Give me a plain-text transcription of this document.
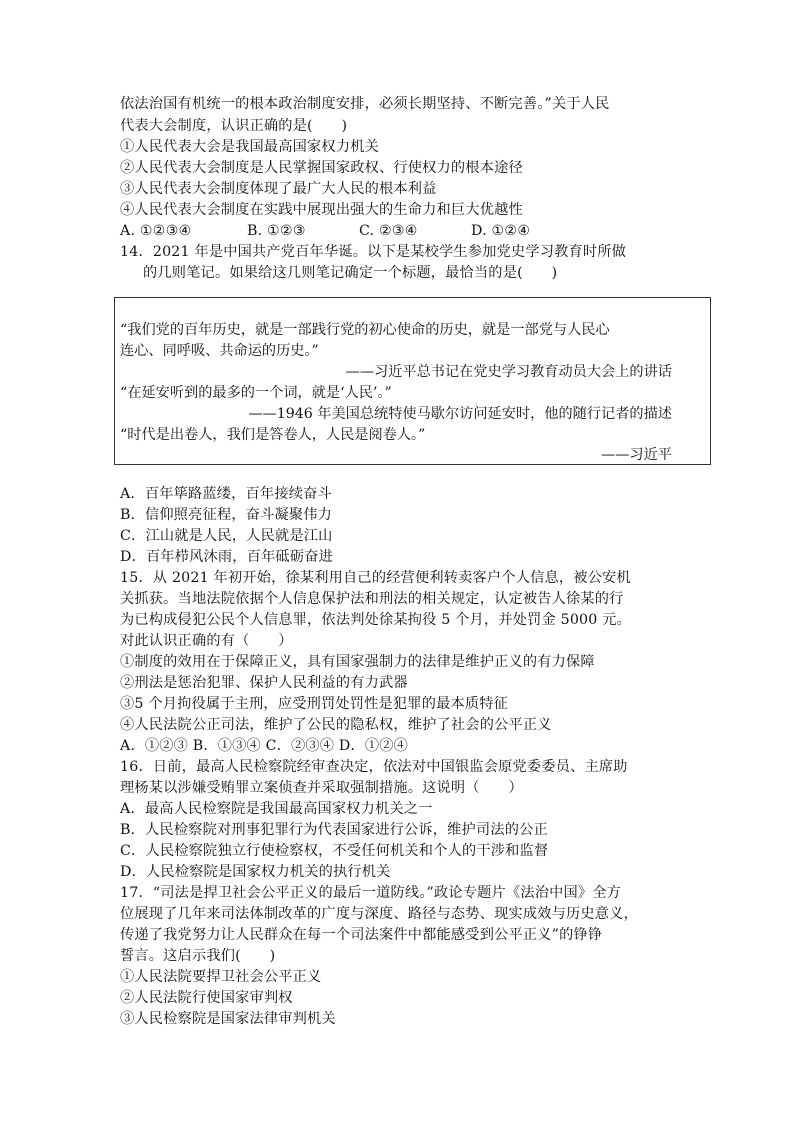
依法治国有机统一的根本政治制度安排，必须长期坚持、不断完善。”关于人民
代表大会制度，认识正确的是(　　)
①人民代表大会是我国最高国家权力机关
②人民代表大会制度是人民掌握国家政权、行使权力的根本途径
③人民代表大会制度体现了最广大人民的根本利益
④人民代表大会制度在实践中展现出强大的生命力和巨大优越性
A. ①②③④	B. ①②③	C. ②③④	D. ①②④
14．2021 年是中国共产党百年华诞。以下是某校学生参加党史学习教育时所做
的几则笔记。如果给这几则笔记确定一个标题，最恰当的是(　　)
“我们党的百年历史，就是一部践行党的初心使命的历史，就是一部党与人民心
连心、同呼吸、共命运的历史。”
——习近平总书记在党史学习教育动员大会上的讲话
“在延安听到的最多的一个词，就是‘人民’。”
——1946 年美国总统特使马歇尔访问延安时，他的随行记者的描述
“时代是出卷人，我们是答卷人，人民是阅卷人。”
——习近平
A．百年筚路蓝缕，百年接续奋斗
B．信仰照亮征程，奋斗凝聚伟力
C．江山就是人民，人民就是江山
D．百年栉风沐雨，百年砥砺奋进
15．从 2021 年初开始，徐某利用自己的经营便利转卖客户个人信息，被公安机
关抓获。当地法院依据个人信息保护法和刑法的相关规定，认定被告人徐某的行
为已构成侵犯公民个人信息罪，依法判处徐某拘役 5 个月，并处罚金 5000 元。
对此认识正确的有（　　）
①制度的效用在于保障正义，具有国家强制力的法律是维护正义的有力保障
②刑法是惩治犯罪、保护人民利益的有力武器
③5 个月拘役属于主刑，应受刑罚处罚性是犯罪的最本质特征
④人民法院公正司法，维护了公民的隐私权，维护了社会的公平正义
A．①②③ B．①③④ C．②③④ D．①②④
16．日前，最高人民检察院经审查决定，依法对中国银监会原党委委员、主席助
理杨某以涉嫌受贿罪立案侦查并采取强制措施。这说明（　　）
A．最高人民检察院是我国最高国家权力机关之一
B．人民检察院对刑事犯罪行为代表国家进行公诉，维护司法的公正
C．人民检察院独立行使检察权，不受任何机关和个人的干涉和监督
D．人民检察院是国家权力机关的执行机关
17．“司法是捍卫社会公平正义的最后一道防线。”政论专题片《法治中国》全方
位展现了几年来司法体制改革的广度与深度、路径与态势、现实成效与历史意义，
传递了我党努力让人民群众在每一个司法案件中都能感受到公平正义”的铮铮
誓言。这启示我们(　　)
①人民法院要捍卫社会公平正义
②人民法院行使国家审判权
③人民检察院是国家法律审判机关
